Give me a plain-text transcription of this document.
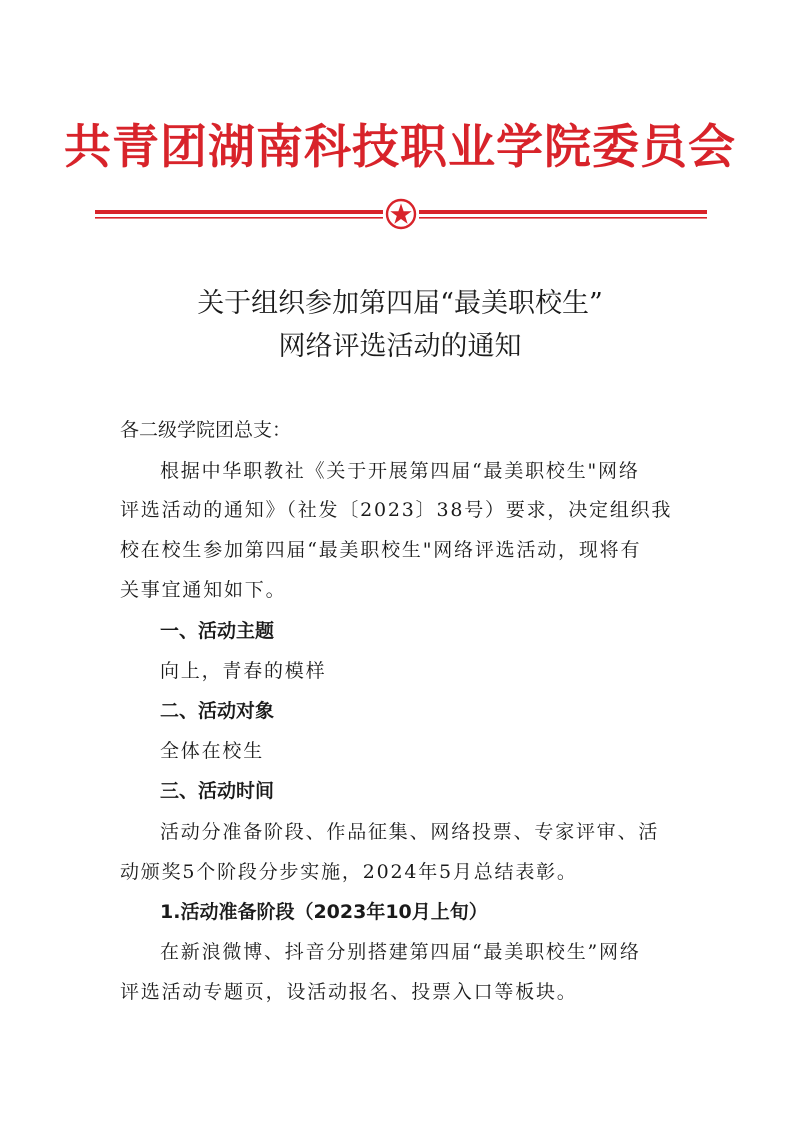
共青团湖南科技职业学院委员会
关于组织参加第四届“最美职校生”
网络评选活动的通知
各二级学院团总支：
根据中华职教社《关于开展第四届“最美职校生"网络
评选活动的通知》（社发〔2023〕38号）要求，决定组织我
校在校生参加第四届“最美职校生"网络评选活动，现将有
关事宜通知如下。
一、活动主题
向上，青春的模样
二、活动对象
全体在校生
三、活动时间
活动分准备阶段、作品征集、网络投票、专家评审、活
动颁奖5个阶段分步实施，2024年5月总结表彰。
1.活动准备阶段（2023年10月上旬）
在新浪微博、抖音分别搭建第四届“最美职校生”网络
评选活动专题页，设活动报名、投票入口等板块。
